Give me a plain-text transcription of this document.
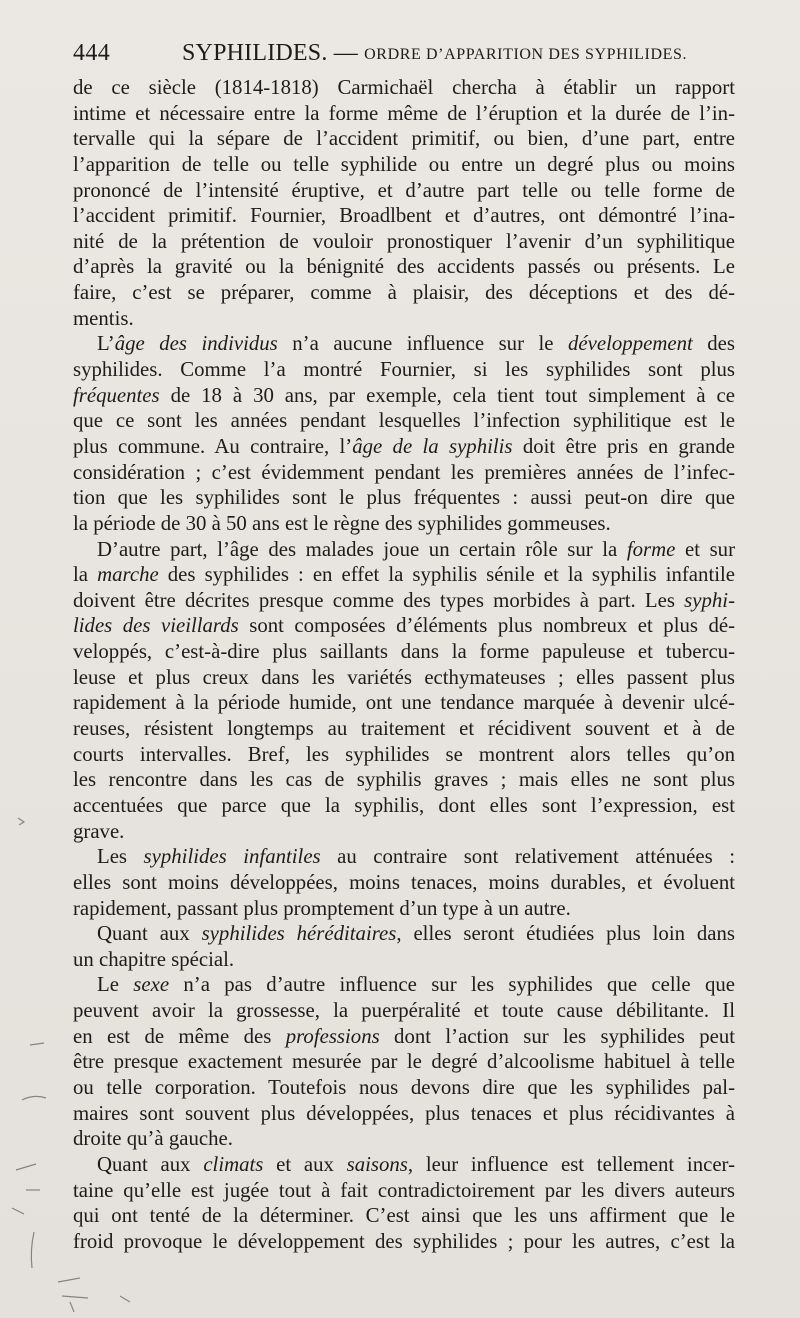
444	SYPHILIDES. — ORDRE D’APPARITION DES SYPHILIDES.
de ce siècle (1814-1818) Carmichaël chercha à établir un rapport
intime et nécessaire entre la forme même de l’éruption et la durée de l’in-
tervalle qui la sépare de l’accident primitif, ou bien, d’une part, entre
l’apparition de telle ou telle syphilide ou entre un degré plus ou moins
prononcé de l’intensité éruptive, et d’autre part telle ou telle forme de
l’accident primitif. Fournier, Broadlbent et d’autres, ont démontré l’ina-
nité de la prétention de vouloir pronostiquer l’avenir d’un syphilitique
d’après la gravité ou la bénignité des accidents passés ou présents. Le
faire, c’est se préparer, comme à plaisir, des déceptions et des dé-
mentis.
L’âge des individus n’a aucune influence sur le développement des
syphilides. Comme l’a montré Fournier, si les syphilides sont plus
fréquentes de 18 à 30 ans, par exemple, cela tient tout simplement à ce
que ce sont les années pendant lesquelles l’infection syphilitique est le
plus commune. Au contraire, l’âge de la syphilis doit être pris en grande
considération ; c’est évidemment pendant les premières années de l’infec-
tion que les syphilides sont le plus fréquentes : aussi peut-on dire que
la période de 30 à 50 ans est le règne des syphilides gommeuses.
D’autre part, l’âge des malades joue un certain rôle sur la forme et sur
la marche des syphilides : en effet la syphilis sénile et la syphilis infantile
doivent être décrites presque comme des types morbides à part. Les syphi-
lides des vieillards sont composées d’éléments plus nombreux et plus dé-
veloppés, c’est-à-dire plus saillants dans la forme papuleuse et tubercu-
leuse et plus creux dans les variétés ecthymateuses ; elles passent plus
rapidement à la période humide, ont une tendance marquée à devenir ulcé-
reuses, résistent longtemps au traitement et récidivent souvent et à de
courts intervalles. Bref, les syphilides se montrent alors telles qu’on
les rencontre dans les cas de syphilis graves ; mais elles ne sont plus
accentuées que parce que la syphilis, dont elles sont l’expression, est
grave.
Les syphilides infantiles au contraire sont relativement atténuées :
elles sont moins développées, moins tenaces, moins durables, et évoluent
rapidement, passant plus promptement d’un type à un autre.
Quant aux syphilides héréditaires, elles seront étudiées plus loin dans
un chapitre spécial.
Le sexe n’a pas d’autre influence sur les syphilides que celle que
peuvent avoir la grossesse, la puerpéralité et toute cause débilitante. Il
en est de même des professions dont l’action sur les syphilides peut
être presque exactement mesurée par le degré d’alcoolisme habituel à telle
ou telle corporation. Toutefois nous devons dire que les syphilides pal-
maires sont souvent plus développées, plus tenaces et plus récidivantes à
droite qu’à gauche.
Quant aux climats et aux saisons, leur influence est tellement incer-
taine qu’elle est jugée tout à fait contradictoirement par les divers auteurs
qui ont tenté de la déterminer. C’est ainsi que les uns affirment que le
froid provoque le développement des syphilides ; pour les autres, c’est la
